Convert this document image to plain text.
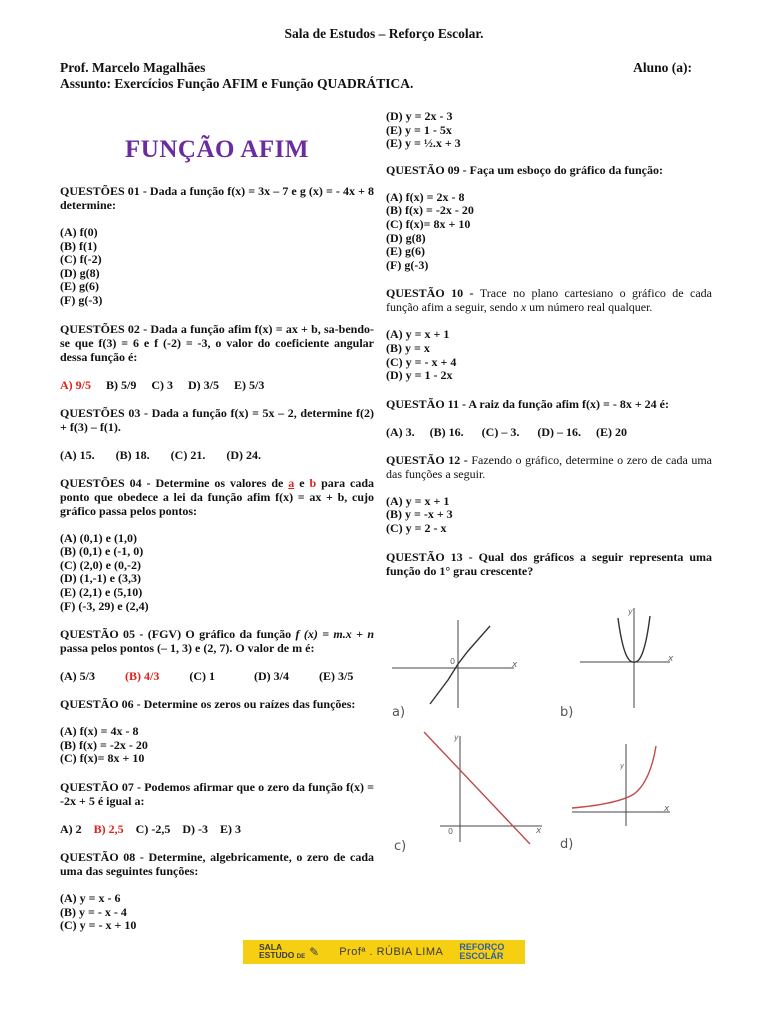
Sala de Estudos – Reforço Escolar.
Prof. Marcelo Magalhães	Aluno (a):
Assunto: Exercícios Função AFIM e Função QUADRÁTICA.
FUNÇÃO AFIM

QUESTÕES 01 - Dada a função f(x) = 3x – 7 e g (x) = - 4x + 8 determine:

(A) f(0)
(B) f(1)
(C) f(-2)
(D) g(8)
(E) g(6)
(F) g(-3)

QUESTÕES 02 - Dada a função afim f(x) = ax + b, sa-bendo-se que f(3) = 6 e f (-2) = -3, o valor do coeficiente angular dessa função é:

A) 9/5 B) 5/9 C) 3 D) 3/5 E) 5/3

QUESTÕES 03 - Dada a função f(x) = 5x – 2, determine f(2) + f(3) – f(1).

(A) 15. (B) 18. (C) 21. (D) 24.

QUESTÕES 04 - Determine os valores de a e b para cada ponto que obedece a lei da função afim f(x) = ax + b, cujo gráfico passa pelos pontos:

(A) (0,1) e (1,0)
(B) (0,1) e (-1, 0)
(C) (2,0) e (0,-2)
(D) (1,-1) e (3,3)
(E) (2,1) e (5,10)
(F) (-3, 29) e (2,4)

QUESTÃO 05 - (FGV) O gráfico da função f (x) = m.x + n passa pelos pontos (– 1, 3) e (2, 7). O valor de m é:

(A) 5/3	(B) 4/3	(C) 1	(D) 3/4	(E) 3/5

QUESTÃO 06 - Determine os zeros ou raízes das funções:

(A) f(x) = 4x - 8
(B) f(x) = -2x - 20
(C) f(x)= 8x + 10

QUESTÃO 07 - Podemos afirmar que o zero da função f(x) = -2x + 5 é igual a:

A) 2 B) 2,5 C) -2,5 D) -3 E) 3

QUESTÃO 08 - Determine, algebricamente, o zero de cada uma das seguintes funções:

(A) y = x - 6
(B) y = - x - 4
(C) y = - x + 10
(D) y = 2x - 3
(E) y = 1 - 5x
(E) y = ½.x + 3

QUESTÃO 09 - Faça um esboço do gráfico da função:

(A) f(x) = 2x - 8
(B) f(x) = -2x - 20
(C) f(x)= 8x + 10
(D) g(8)
(E) g(6)
(F) g(-3)

QUESTÃO 10 - Trace no plano cartesiano o gráfico de cada função afim a seguir, sendo x um número real qualquer.

(A) y = x + 1
(B) y = x
(C) y = - x + 4
(D) y = 1 - 2x

QUESTÃO 11 - A raiz da função afim f(x) = - 8x + 24 é:

(A) 3. (B) 16. (C) – 3. (D) – 16. (E) 20

QUESTÃO 12 - Fazendo o gráfico, determine o zero de cada uma das funções a seguir.

(A) y = x + 1
(B) y = -x + 3
(C) y = 2 - x

QUESTÃO 13 - Qual dos gráficos a seguir representa uma função do 1° grau crescente?

0	x
a)
y
x
b)
y
0	x
c)
y
x
d)
SALA
ESTUDO DE ✎ Profª . RÚBIA LIMA REFORÇO
ESCOLAR
